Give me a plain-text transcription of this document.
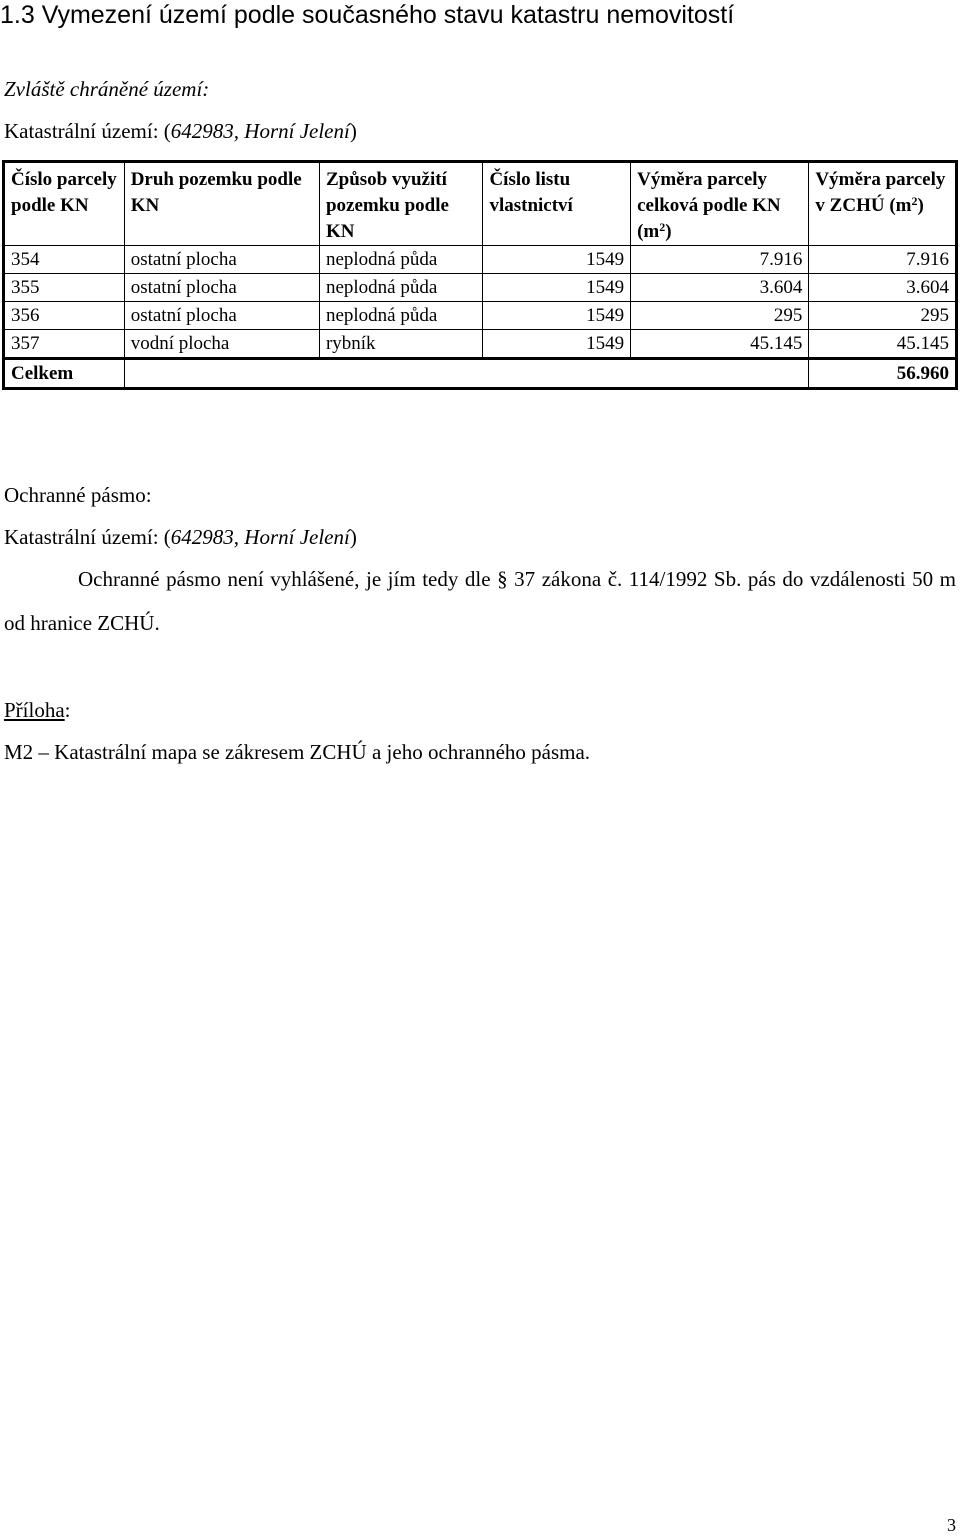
1.3 Vymezení území podle současného stavu katastru nemovitostí
Zvláště chráněné území:
Katastrální území: (642983, Horní Jelení)
Číslo parcely podle KN	Druh pozemku podle KN	Způsob využití pozemku podle KN	Číslo listu vlastnictví	Výměra parcely celková podle KN $(m^2)$	Výměra parcely v ZCHÚ $(m^2)$
354	ostatní plocha	neplodná půda	1549	7.916	7.916
355	ostatní plocha	neplodná půda	1549	3.604	3.604
356	ostatní plocha	neplodná půda	1549	295	295
357	vodní plocha	rybník	1549	45.145	45.145
Celkem					56.960
Ochranné pásmo:
Katastrální území: (642983, Horní Jelení)
Ochranné pásmo není vyhlášené, je jím tedy dle § 37 zákona č. 114/1992 Sb. pás do vzdálenosti 50 m od hranice ZCHÚ.
Příloha:
M2 – Katastrální mapa se zákresem ZCHÚ a jeho ochranného pásma.
3
